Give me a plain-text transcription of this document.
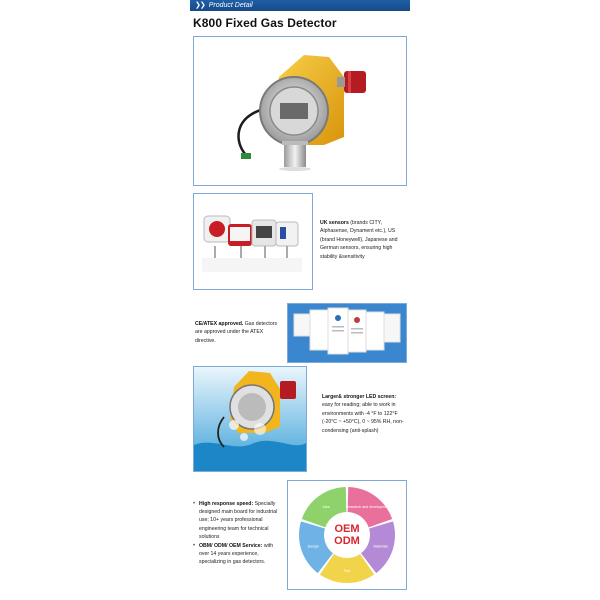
❯❯ Product Detail
K800 Fixed Gas Detector
UK sensors (brands CITY, Alphasense, Dynament etc.), US (brand Honeywell), Japanese and German sensors, ensuring high stability &sensitivity
CE/ATEX approved. Gas detectors are approved under the ATEX directive.
Larger& stronger LED screen: easy for reading; able to work in environments with -4 °F to 122°F (-20°C ~ +50°C), 0 ~ 95% RH, non-condensing (anti-splash)
• High response speed: Specially designed main board for industrial use; 10+ years professional engineering team for technical solutions
• OBM/ ODM/ OEM Service: with over 14 years experience, specializing in gas detectors.
OEM
ODM
Research and development
Materials
Test
Design
Idea
